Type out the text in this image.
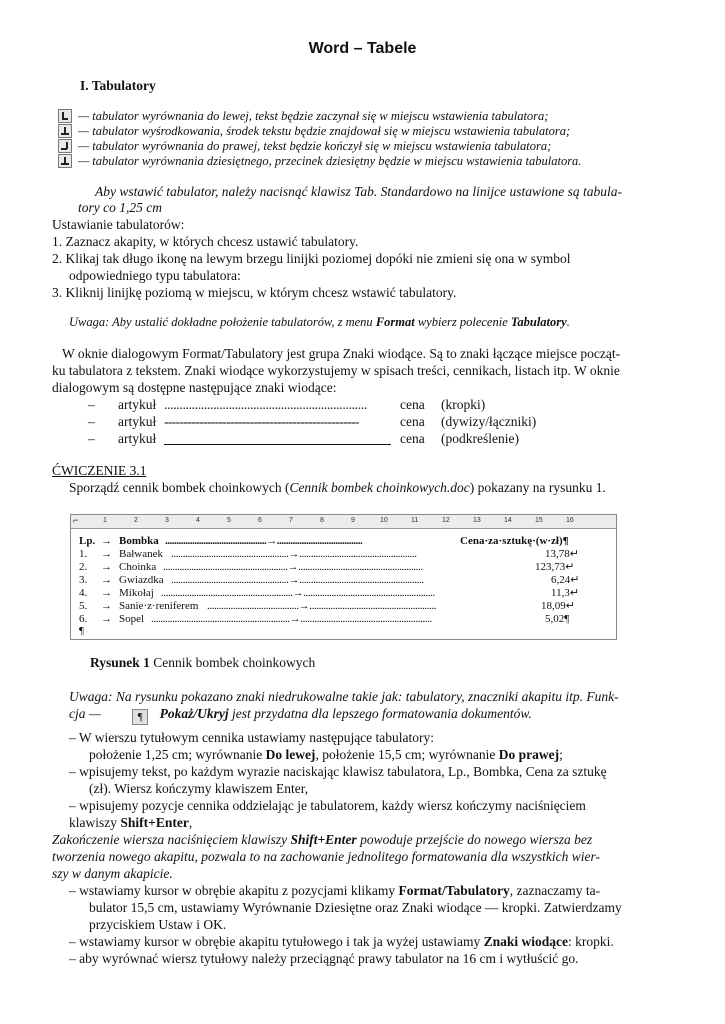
Word – Tabele
I. Tabulatory
— tabulator wyrównania do lewej, tekst będzie zaczynał się w miejscu wstawienia tabulatora;
— tabulator wyśrodkowania, środek tekstu będzie znajdował się w miejscu wstawienia tabulatora;
— tabulator wyrównania do prawej, tekst będzie kończył się w miejscu wstawienia tabulatora;
— tabulator wyrównania dziesiętnego, przecinek dziesiętny będzie w miejscu wstawienia tabulatora.
Aby wstawić tabulator, należy nacisnąć klawisz Tab. Standardowo na linijce ustawione są tabula-
tory co 1,25 cm
Ustawianie tabulatorów:
1. Zaznacz akapity, w których chcesz ustawić tabulatory.
2. Klikaj tak długo ikonę na lewym brzegu linijki poziomej dopóki nie zmieni się ona w symbol
odpowiedniego typu tabulatora:
3. Kliknij linijkę poziomą w miejscu, w którym chcesz wstawić tabulatory.
Uwaga: Aby ustalić dokładne położenie tabulatorów, z menu Format wybierz polecenie Tabulatory.
W oknie dialogowym Format/Tabulatory jest grupa Znaki wiodące. Są to znaki łączące miejsce począt-
ku tabulatora z tekstem. Znaki wiodące wykorzystujemy w spisach treści, cennikach, listach itp. W oknie
dialogowym są dostępne następujące znaki wiodące:
– artykuł .................................................................. cena (kropki)
– artykuł --------------------------------------------------	cena (dywizy/łączniki)
– artykuł	cena (podkreślenie)
ĆWICZENIE 3.1
Sporządź cennik bombek choinkowych (Cennik bombek choinkowych.doc) pokazany na rysunku 1.
⌐	1	2	3	4	5	6	7	8	9	10	11	12	13	14	15	16
Lp. → Bombka .............................................→......................................	Cena·za·sztukę·(w·zł)¶
1. → Bałwanek ..................................................→..................................................	13,78↵
2. → Choinka .....................................................→.....................................................	123,73↵
3. → Gwiazdka ..................................................→.....................................................	6,24↵
4. → Mikołaj ........................................................→........................................................	11,3↵
5. → Sanie·z·reniferem .......................................→......................................................	18,09↵
6. → Sopel ...........................................................→........................................................	5,02¶
¶
Rysunek 1 Cennik bombek choinkowych
Uwaga: Na rysunku pokazano znaki niedrukowalne takie jak: tabulatory, znaczniki akapitu itp. Funk-
cja —	¶ Pokaż/Ukryj jest przydatna dla lepszego formatowania dokumentów.
– W wierszu tytułowym cennika ustawiamy następujące tabulatory:
położenie 1,25 cm; wyrównanie Do lewej, położenie 15,5 cm; wyrównanie Do prawej;
– wpisujemy tekst, po każdym wyrazie naciskając klawisz tabulatora, Lp., Bombka, Cena za sztukę
(zł). Wiersz kończymy klawiszem Enter,
– wpisujemy pozycje cennika oddzielając je tabulatorem, każdy wiersz kończymy naciśnięciem
klawiszy Shift+Enter,
Zakończenie wiersza naciśnięciem klawiszy Shift+Enter powoduje przejście do nowego wiersza bez
tworzenia nowego akapitu, pozwala to na zachowanie jednolitego formatowania dla wszystkich wier-
szy w danym akapicie.
– wstawiamy kursor w obrębie akapitu z pozycjami klikamy Format/Tabulatory, zaznaczamy ta-
bulator 15,5 cm, ustawiamy Wyrównanie Dziesiętne oraz Znaki wiodące — kropki. Zatwierdzamy
przyciskiem Ustaw i OK.
– wstawiamy kursor w obrębie akapitu tytułowego i tak ja wyżej ustawiamy Znaki wiodące: kropki.
– aby wyrównać wiersz tytułowy należy przeciągnąć prawy tabulator na 16 cm i wytłuścić go.
